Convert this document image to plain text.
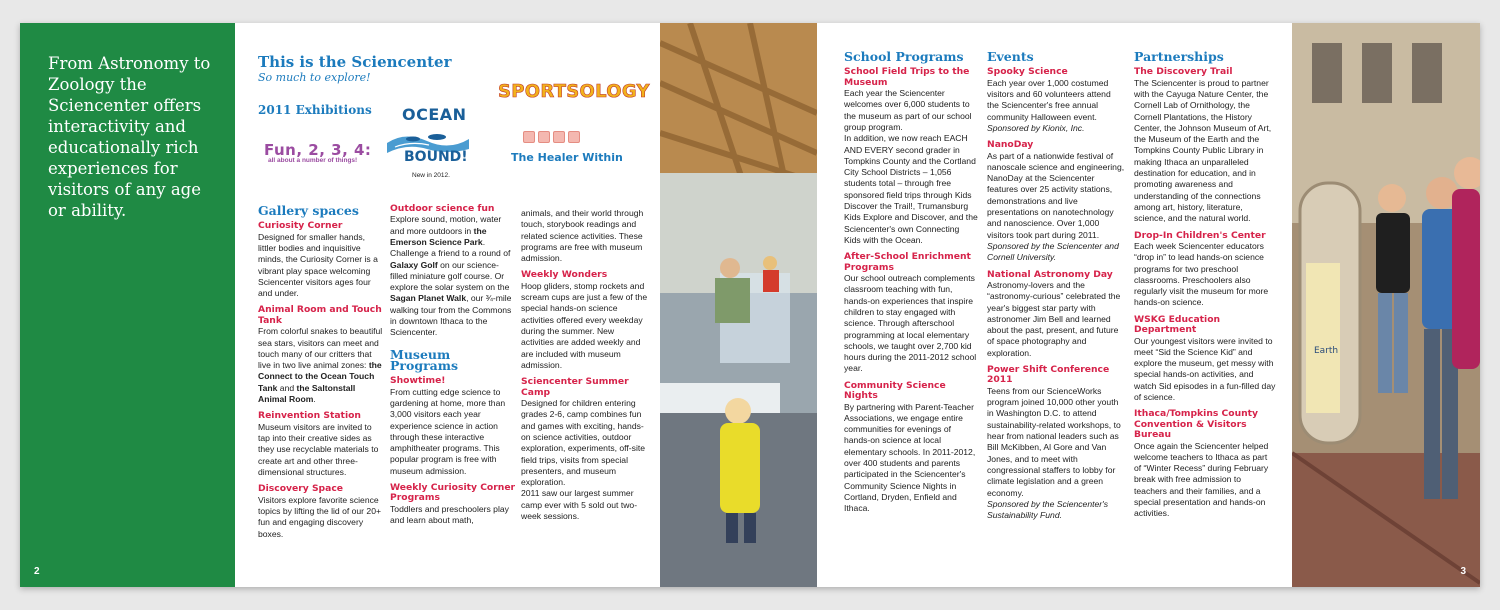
From Astronomy to Zoology the Sciencenter offers interactivity and educationally rich experiences for visitors of any age or ability.
2
This is the Sciencenter
So much to explore!
2011 Exhibitions
Fun, 2, 3, 4:
all about a number of things!
OCEAN
BOUND!
New in 2012.
SPORTSOLOGY
The Healer Within
Gallery spaces
Curiosity Corner

Designed for smaller hands, littler bodies and inquisitive minds, the Curiosity Corner is a vibrant play space welcoming Sciencenter visitors ages four and under.

Animal Room and Touch Tank

From colorful snakes to beautiful sea stars, visitors can meet and touch many of our critters that live in two live animal zones: the Connect to the Ocean Touch Tank and the Saltonstall Animal Room.

Reinvention Station

Museum visitors are invited to tap into their creative sides as they use recyclable materials to create art and other three-dimensional structures.

Discovery Space

Visitors explore favorite science topics by lifting the lid of our 20+ fun and engaging discovery boxes.

Outdoor science fun

Explore sound, motion, water and more outdoors in the Emerson Science Park. Challenge a friend to a round of Galaxy Golf on our science-filled miniature golf course. Or explore the solar system on the Sagan Planet Walk, our ¾-mile walking tour from the Commons in downtown Ithaca to the Sciencenter.

Museum Programs
Showtime!

From cutting edge science to gardening at home, more than 3,000 visitors each year experience science in action through these interactive amphitheater programs. This popular program is free with museum admission.

Weekly Curiosity Corner Programs

Toddlers and preschoolers play and learn about math,

animals, and their world through touch, storybook readings and related science activities. These programs are free with museum admission.

Weekly Wonders

Hoop gliders, stomp rockets and scream cups are just a few of the special hands-on science activities offered every weekday during the summer. New activities are added weekly and are included with museum admission.

Sciencenter Summer Camp

Designed for children entering grades 2-6, camp combines fun and games with exciting, hands-on science activities, outdoor exploration, experiments, off-site field trips, visits from special presenters, and museum exploration.

2011 saw our largest summer camp ever with 5 sold out two-week sessions.

School Programs
School Field Trips to the Museum

Each year the Sciencenter welcomes over 6,000 students to the museum as part of our school group program.

In addition, we now reach EACH AND EVERY second grader in Tompkins County and the Cortland City School Districts – 1,056 students total – through free sponsored field trips through Kids Discover the Trail!, Trumansburg Kids Explore and Discover, and the Sciencenter's own Connecting Kids with the Ocean.

After-School Enrichment Programs

Our school outreach complements classroom teaching with fun, hands-on experiences that inspire children to stay engaged with science. Through afterschool programming at local elementary schools, we taught over 2,700 kid hours during the 2011-2012 school year.

Community Science Nights

By partnering with Parent-Teacher Associations, we engage entire communities for evenings of hands-on science at local elementary schools. In 2011-2012, over 400 students and parents participated in the Sciencenter's Community Science Nights in Cortland, Dryden, Enfield and Ithaca.

Events
Spooky Science

Each year over 1,000 costumed visitors and 60 volunteers attend the Sciencenter's free annual community Halloween event.

Sponsored by Kionix, Inc.

NanoDay

As part of a nationwide festival of nanoscale science and engineering, NanoDay at the Sciencenter features over 25 activity stations, demonstrations and live presentations on nanotechnology and nanoscience. Over 1,000 visitors took part during 2011.

Sponsored by the Sciencenter and Cornell University.

National Astronomy Day

Astronomy-lovers and the “astronomy-curious” celebrated the year's biggest star party with astronomer Jim Bell and learned about the past, present, and future of space photography and exploration.

Power Shift Conference 2011

Teens from our ScienceWorks program joined 10,000 other youth in Washington D.C. to attend sustainability-related workshops, to hear from national leaders such as Bill McKibben, Al Gore and Van Jones, and to meet with congressional staffers to lobby for climate legislation and a green economy.

Sponsored by the Sciencenter's Sustainability Fund.

Partnerships
The Discovery Trail

The Sciencenter is proud to partner with the Cayuga Nature Center, the Cornell Lab of Ornithology, the Cornell Plantations, the History Center, the Johnson Museum of Art, the Museum of the Earth and the Tompkins County Public Library in making Ithaca an unparalleled destination for education, and in promoting awareness and understanding of the connections among art, history, literature, science, and the natural world.

Drop-In Children's Center

Each week Sciencenter educators “drop in” to lead hands-on science programs for two preschool classrooms. Preschoolers also regularly visit the museum for more hands-on science.

WSKG Education Department

Our youngest visitors were invited to meet “Sid the Science Kid” and explore the museum, get messy with special hands-on activities, and watch Sid episodes in a fun-filled day of science.

Ithaca/Tompkins County Convention & Visitors Bureau

Once again the Sciencenter helped welcome teachers to Ithaca as part of “Winter Recess” during February break with free admission to teachers and their families, and a special presentation and hands-on activities.

Earth
3
